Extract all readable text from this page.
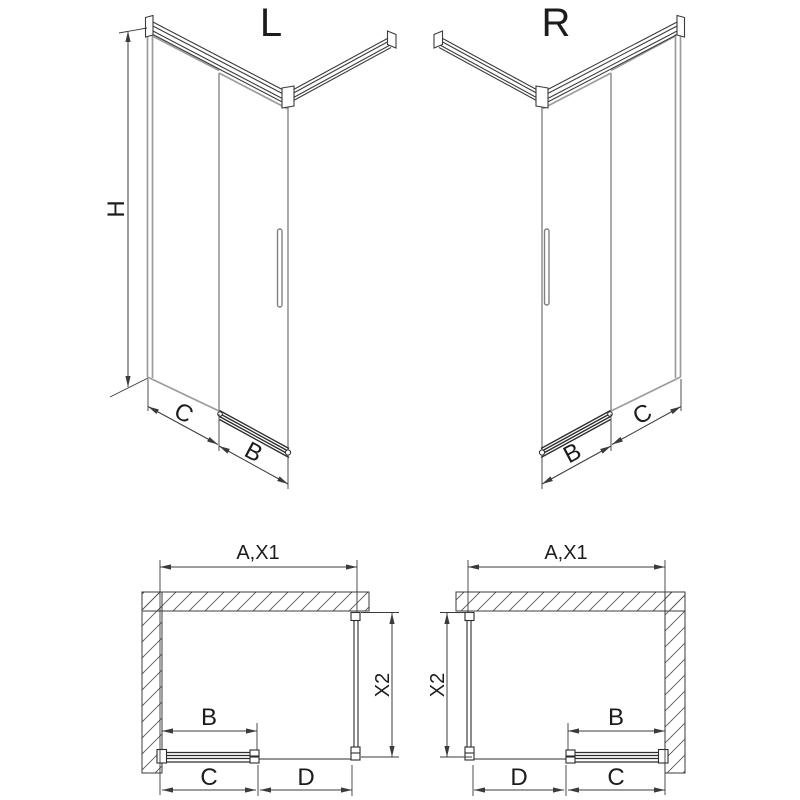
L
H
C
B
R
B
C
A,X1
X2
B
C	D
A,X1
X2
B
D	C
